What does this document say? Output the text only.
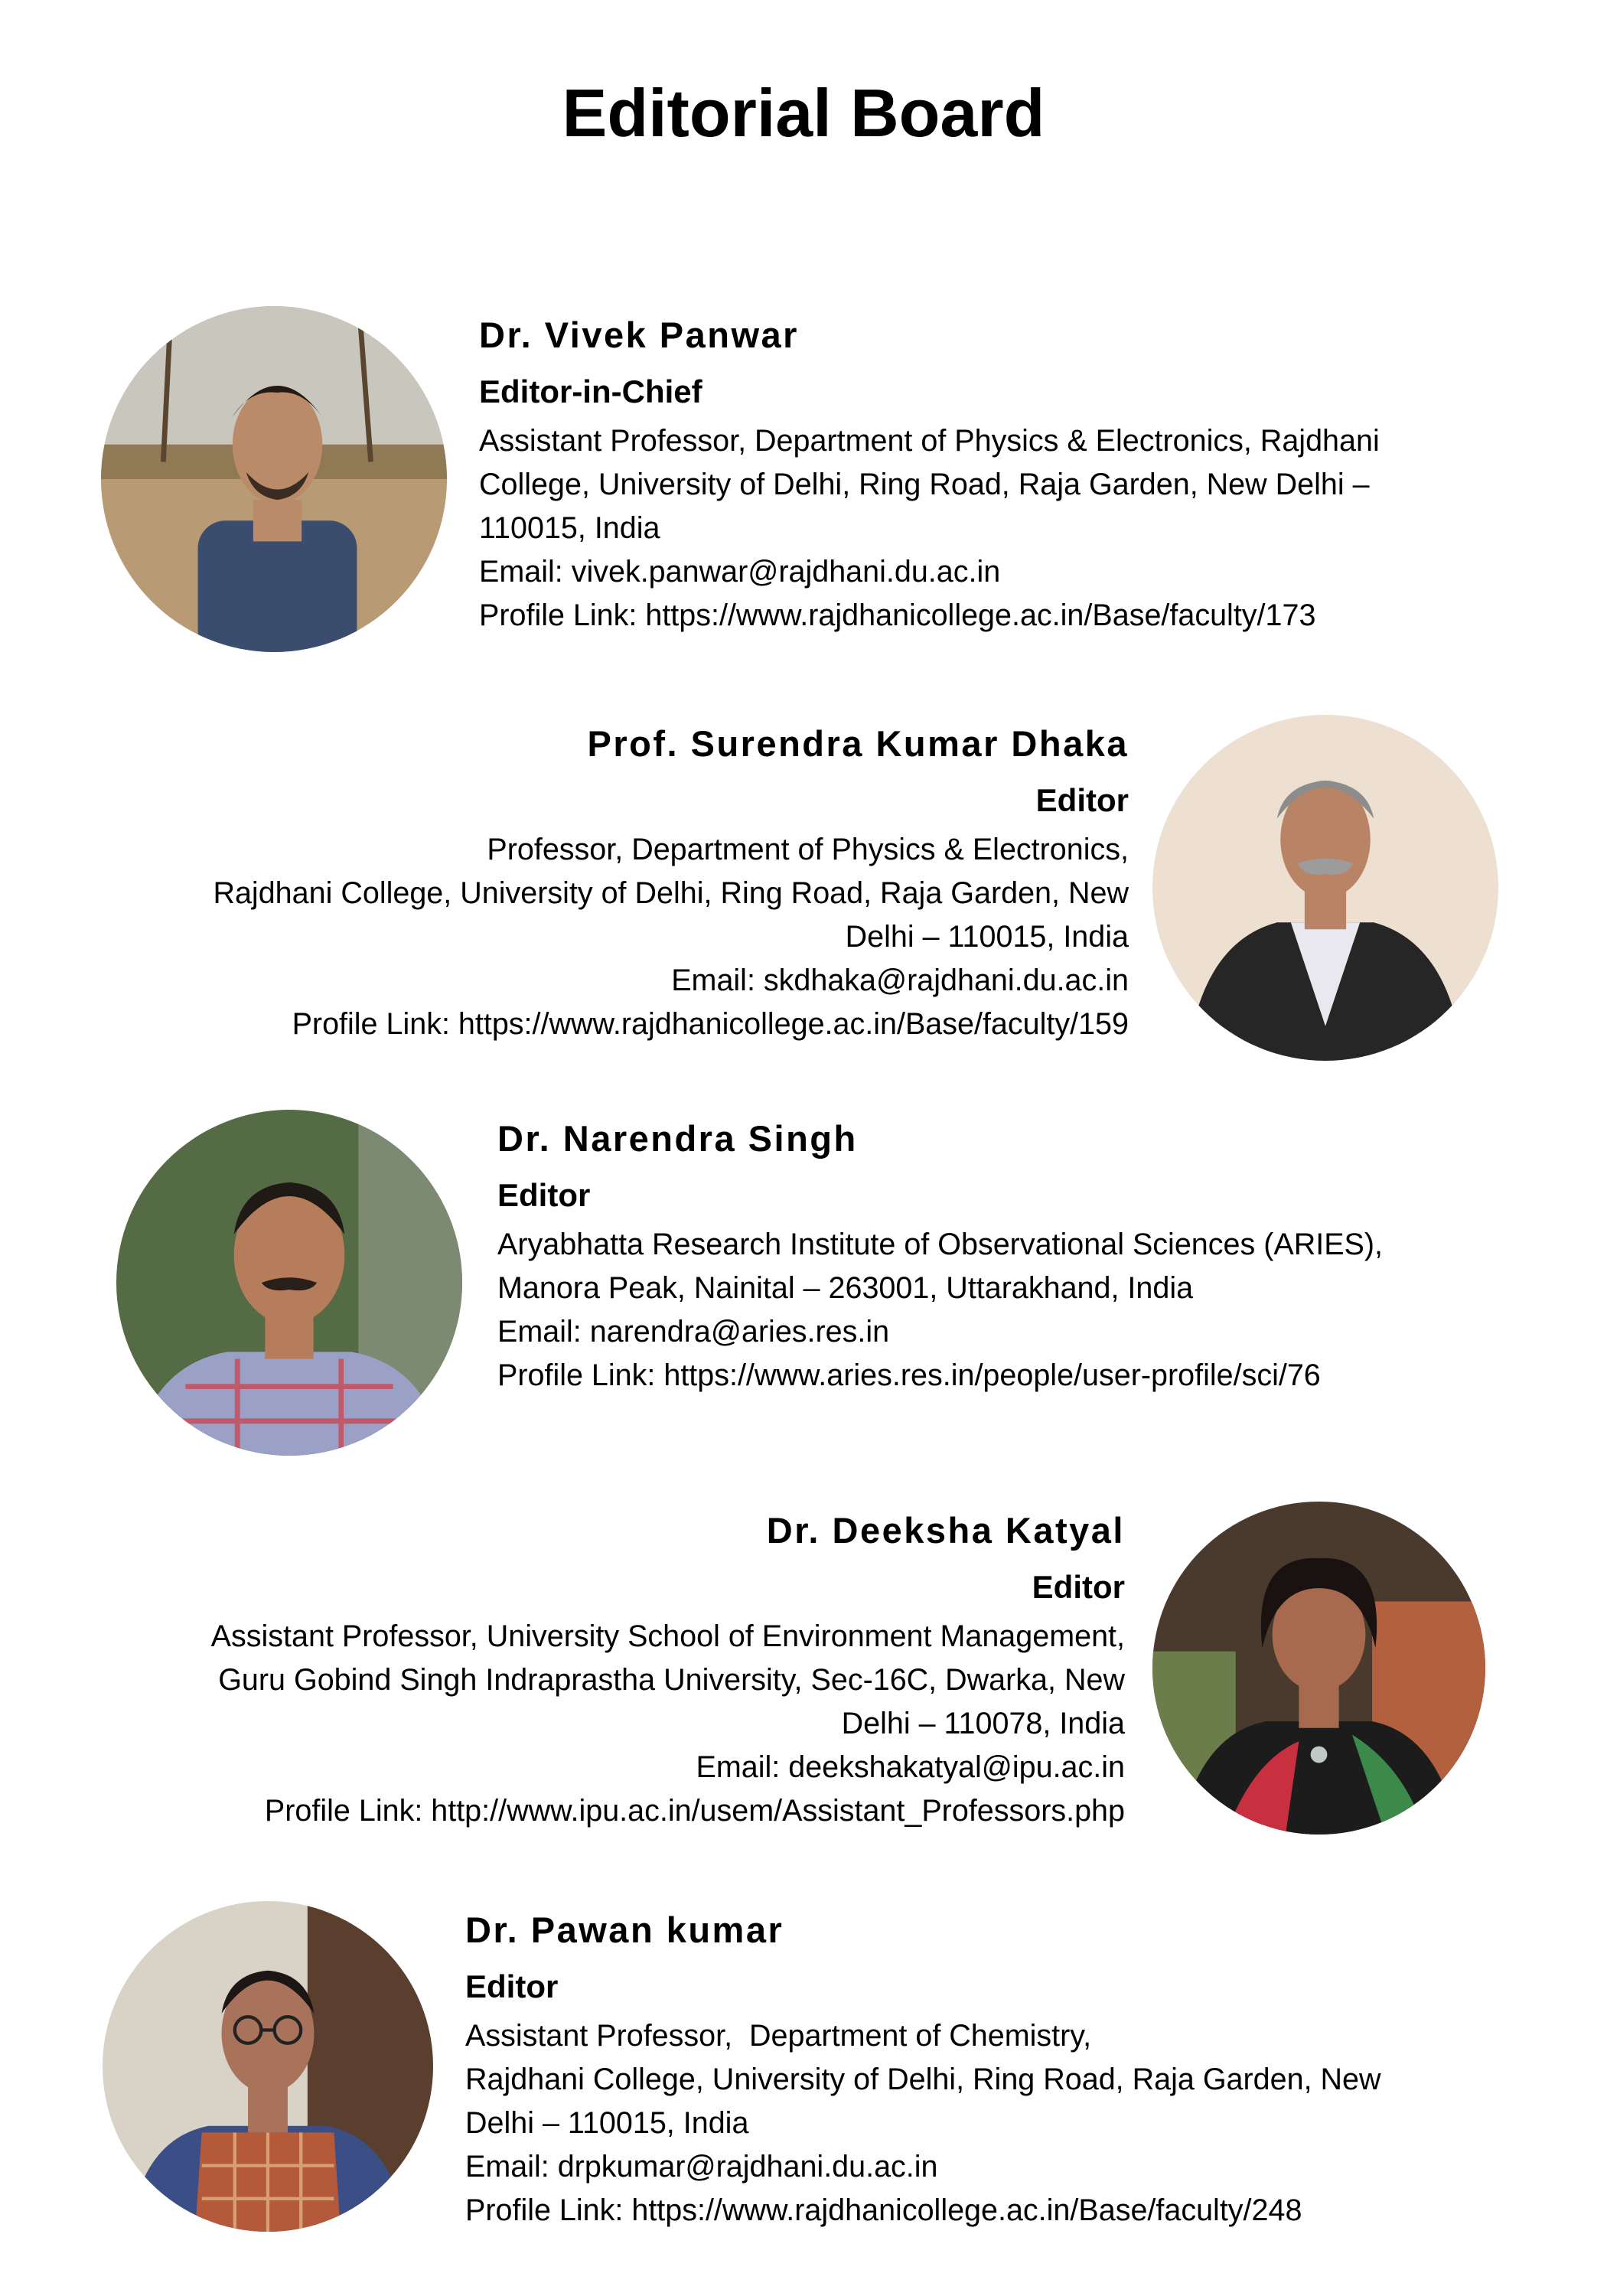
Editorial Board

Dr. Vivek Panwar

Editor-in-Chief

Assistant Professor, Department of Physics & Electronics, Rajdhani

College, University of Delhi, Ring Road, Raja Garden, New Delhi –

110015, India

Email: vivek.panwar@rajdhani.du.ac.in

Profile Link: https://www.rajdhanicollege.ac.in/Base/faculty/173

Prof. Surendra Kumar Dhaka

Editor

Professor, Department of Physics & Electronics,

Rajdhani College, University of Delhi, Ring Road, Raja Garden, New

Delhi – 110015, India

Email: skdhaka@rajdhani.du.ac.in

Profile Link: https://www.rajdhanicollege.ac.in/Base/faculty/159

Dr. Narendra Singh

Editor

Aryabhatta Research Institute of Observational Sciences (ARIES),

Manora Peak, Nainital – 263001, Uttarakhand, India

Email: narendra@aries.res.in

Profile Link: https://www.aries.res.in/people/user-profile/sci/76

Dr. Deeksha Katyal

Editor

Assistant Professor, University School of Environment Management,

Guru Gobind Singh Indraprastha University, Sec-16C, Dwarka, New

Delhi – 110078, India

Email: deekshakatyal@ipu.ac.in

Profile Link: http://www.ipu.ac.in/usem/Assistant_Professors.php

Dr. Pawan kumar

Editor

Assistant Professor,  Department of Chemistry,

Rajdhani College, University of Delhi, Ring Road, Raja Garden, New

Delhi – 110015, India

Email: drpkumar@rajdhani.du.ac.in

Profile Link: https://www.rajdhanicollege.ac.in/Base/faculty/248
